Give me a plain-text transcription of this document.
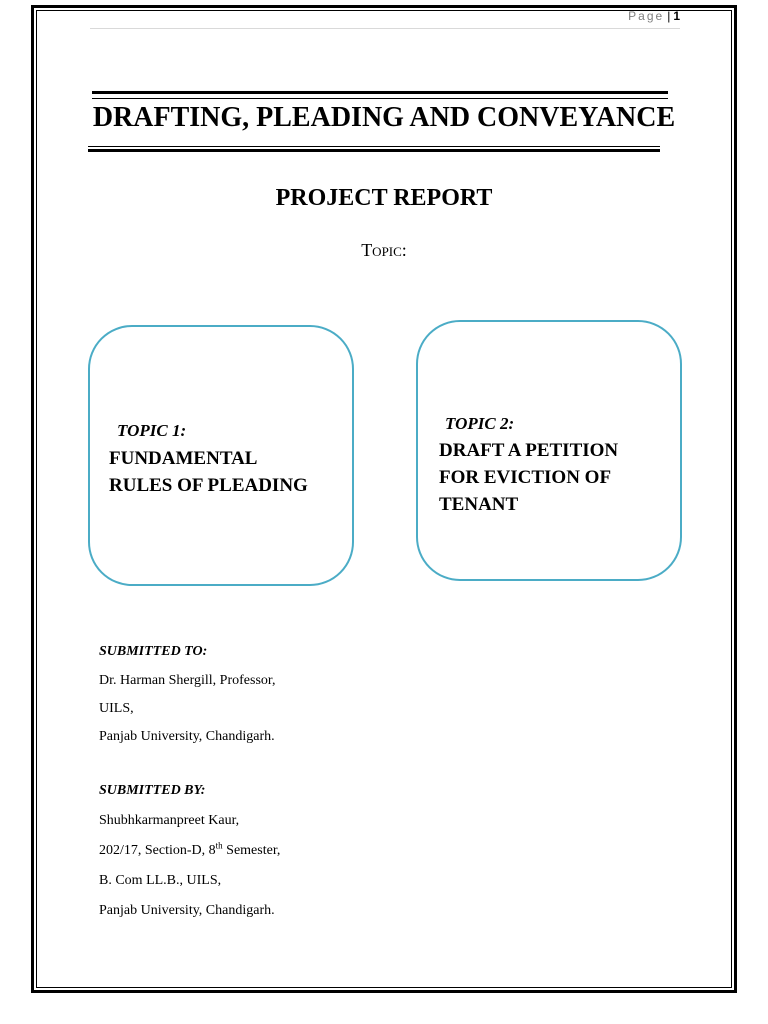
Page | 1
DRAFTING, PLEADING AND CONVEYANCE
PROJECT REPORT
Topic:
TOPIC 1:
FUNDAMENTAL
RULES OF PLEADING
TOPIC 2:
DRAFT A PETITION
FOR EVICTION OF
TENANT
SUBMITTED TO:
Dr. Harman Shergill, Professor,
UILS,
Panjab University, Chandigarh.
SUBMITTED BY:
Shubhkarmanpreet Kaur,
202/17, Section-D, 8th Semester,
B. Com LL.B., UILS,
Panjab University, Chandigarh.
